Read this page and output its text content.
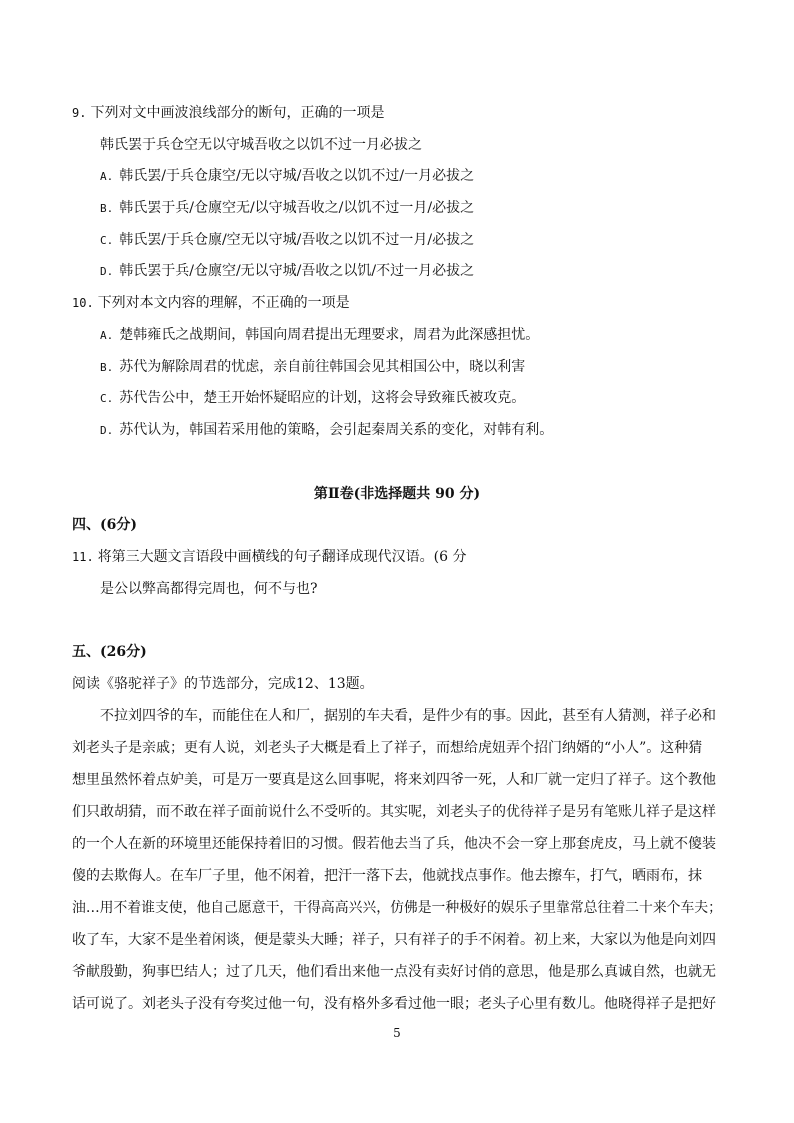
9. 下列对文中画波浪线部分的断句，正确的一项是
韩氏罢于兵仓空无以守城吾收之以饥不过一月必拔之
A. 韩氏罢/于兵仓康空/无以守城/吾收之以饥不过/一月必拔之
B. 韩氏罢于兵/仓廪空无/以守城吾收之/以饥不过一月/必拔之
C. 韩氏罢/于兵仓廪/空无以守城/吾收之以饥不过一月/必拔之
D. 韩氏罢于兵/仓廪空/无以守城/吾收之以饥/不过一月必拔之
10. 下列对本文内容的理解，不正确的一项是
A. 楚韩雍氏之战期间，韩国向周君提出无理要求，周君为此深感担忧。
B. 苏代为解除周君的忧虑，亲自前往韩国会见其相国公中，晓以利害
C. 苏代告公中，楚王开始怀疑昭应的计划，这将会导致雍氏被攻克。
D. 苏代认为，韩国若采用他的策略，会引起秦周关系的变化，对韩有利。
第Ⅱ卷(非选择题共 90 分)
四、(6分)
11. 将第三大题文言语段中画横线的句子翻译成现代汉语。(6 分
是公以弊高都得完周也，何不与也?
五、(26分)
阅读《骆驼祥子》的节选部分，完成12、13题。
不拉刘四爷的车，而能住在人和厂，据别的车夫看，是件少有的事。因此，甚至有人猜测，祥子必和
刘老头子是亲戚；更有人说，刘老头子大概是看上了祥子，而想给虎妞弄个招门纳婿的“小人”。这种猜
想里虽然怀着点妒美，可是万一要真是这么回事呢，将来刘四爷一死，人和厂就一定归了祥子。这个教他
们只敢胡猜，而不敢在祥子面前说什么不受听的。其实呢，刘老头子的优待祥子是另有笔账儿祥子是这样
的一个人在新的环境里还能保持着旧的习惯。假若他去当了兵，他决不会一穿上那套虎皮，马上就不傻装
傻的去欺侮人。在车厂子里，他不闲着，把汗一落下去，他就找点事作。他去擦车，打气，晒雨布，抹
油…用不着谁支使，他自己愿意干，干得高高兴兴，仿佛是一种极好的娱乐子里靠常总往着二十来个车夫；
收了车，大家不是坐着闲谈，便是蒙头大睡；祥子，只有祥子的手不闲着。初上来，大家以为他是向刘四
爷献殷勤，狗事巴结人；过了几天，他们看出来他一点没有卖好讨俏的意思，他是那么真诚自然，也就无
话可说了。刘老头子没有夸奖过他一句，没有格外多看过他一眼；老头子心里有数儿。他晓得祥子是把好
5
